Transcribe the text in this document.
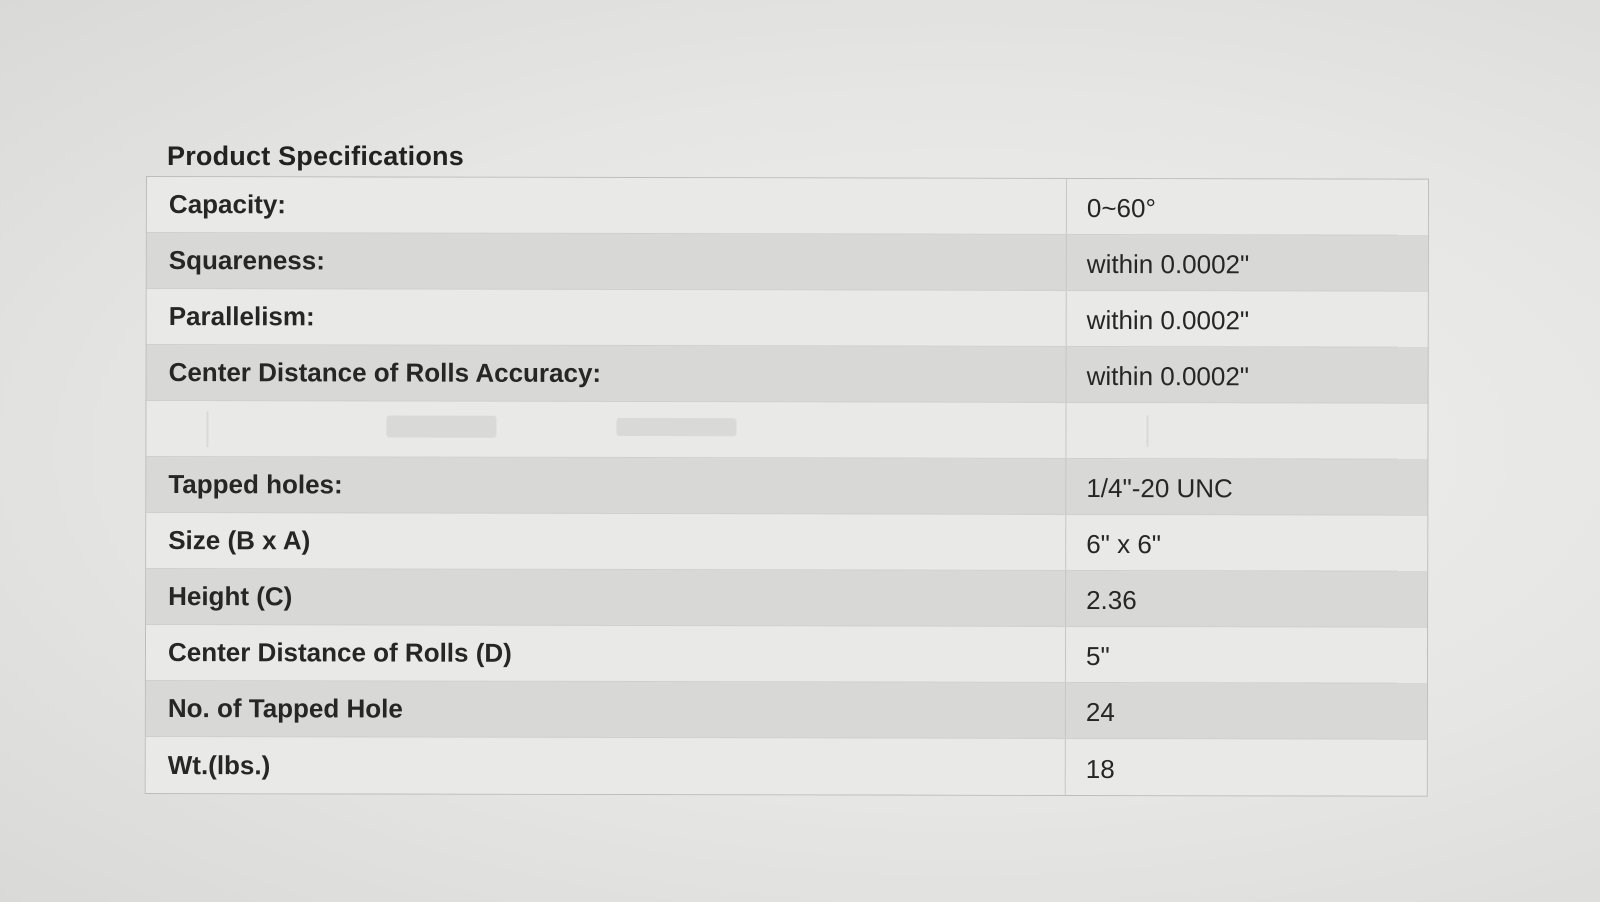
Product Specifications
Capacity:	0~60°
Squareness:	within 0.0002"
Parallelism:	within 0.0002"
Center Distance of Rolls Accuracy:	within 0.0002"
Tapped holes:	1/4"-20 UNC
Size (B x A)	6" x 6"
Height (C)	2.36
Center Distance of Rolls (D)	5"
No. of Tapped Hole	24
Wt.(lbs.)	18
